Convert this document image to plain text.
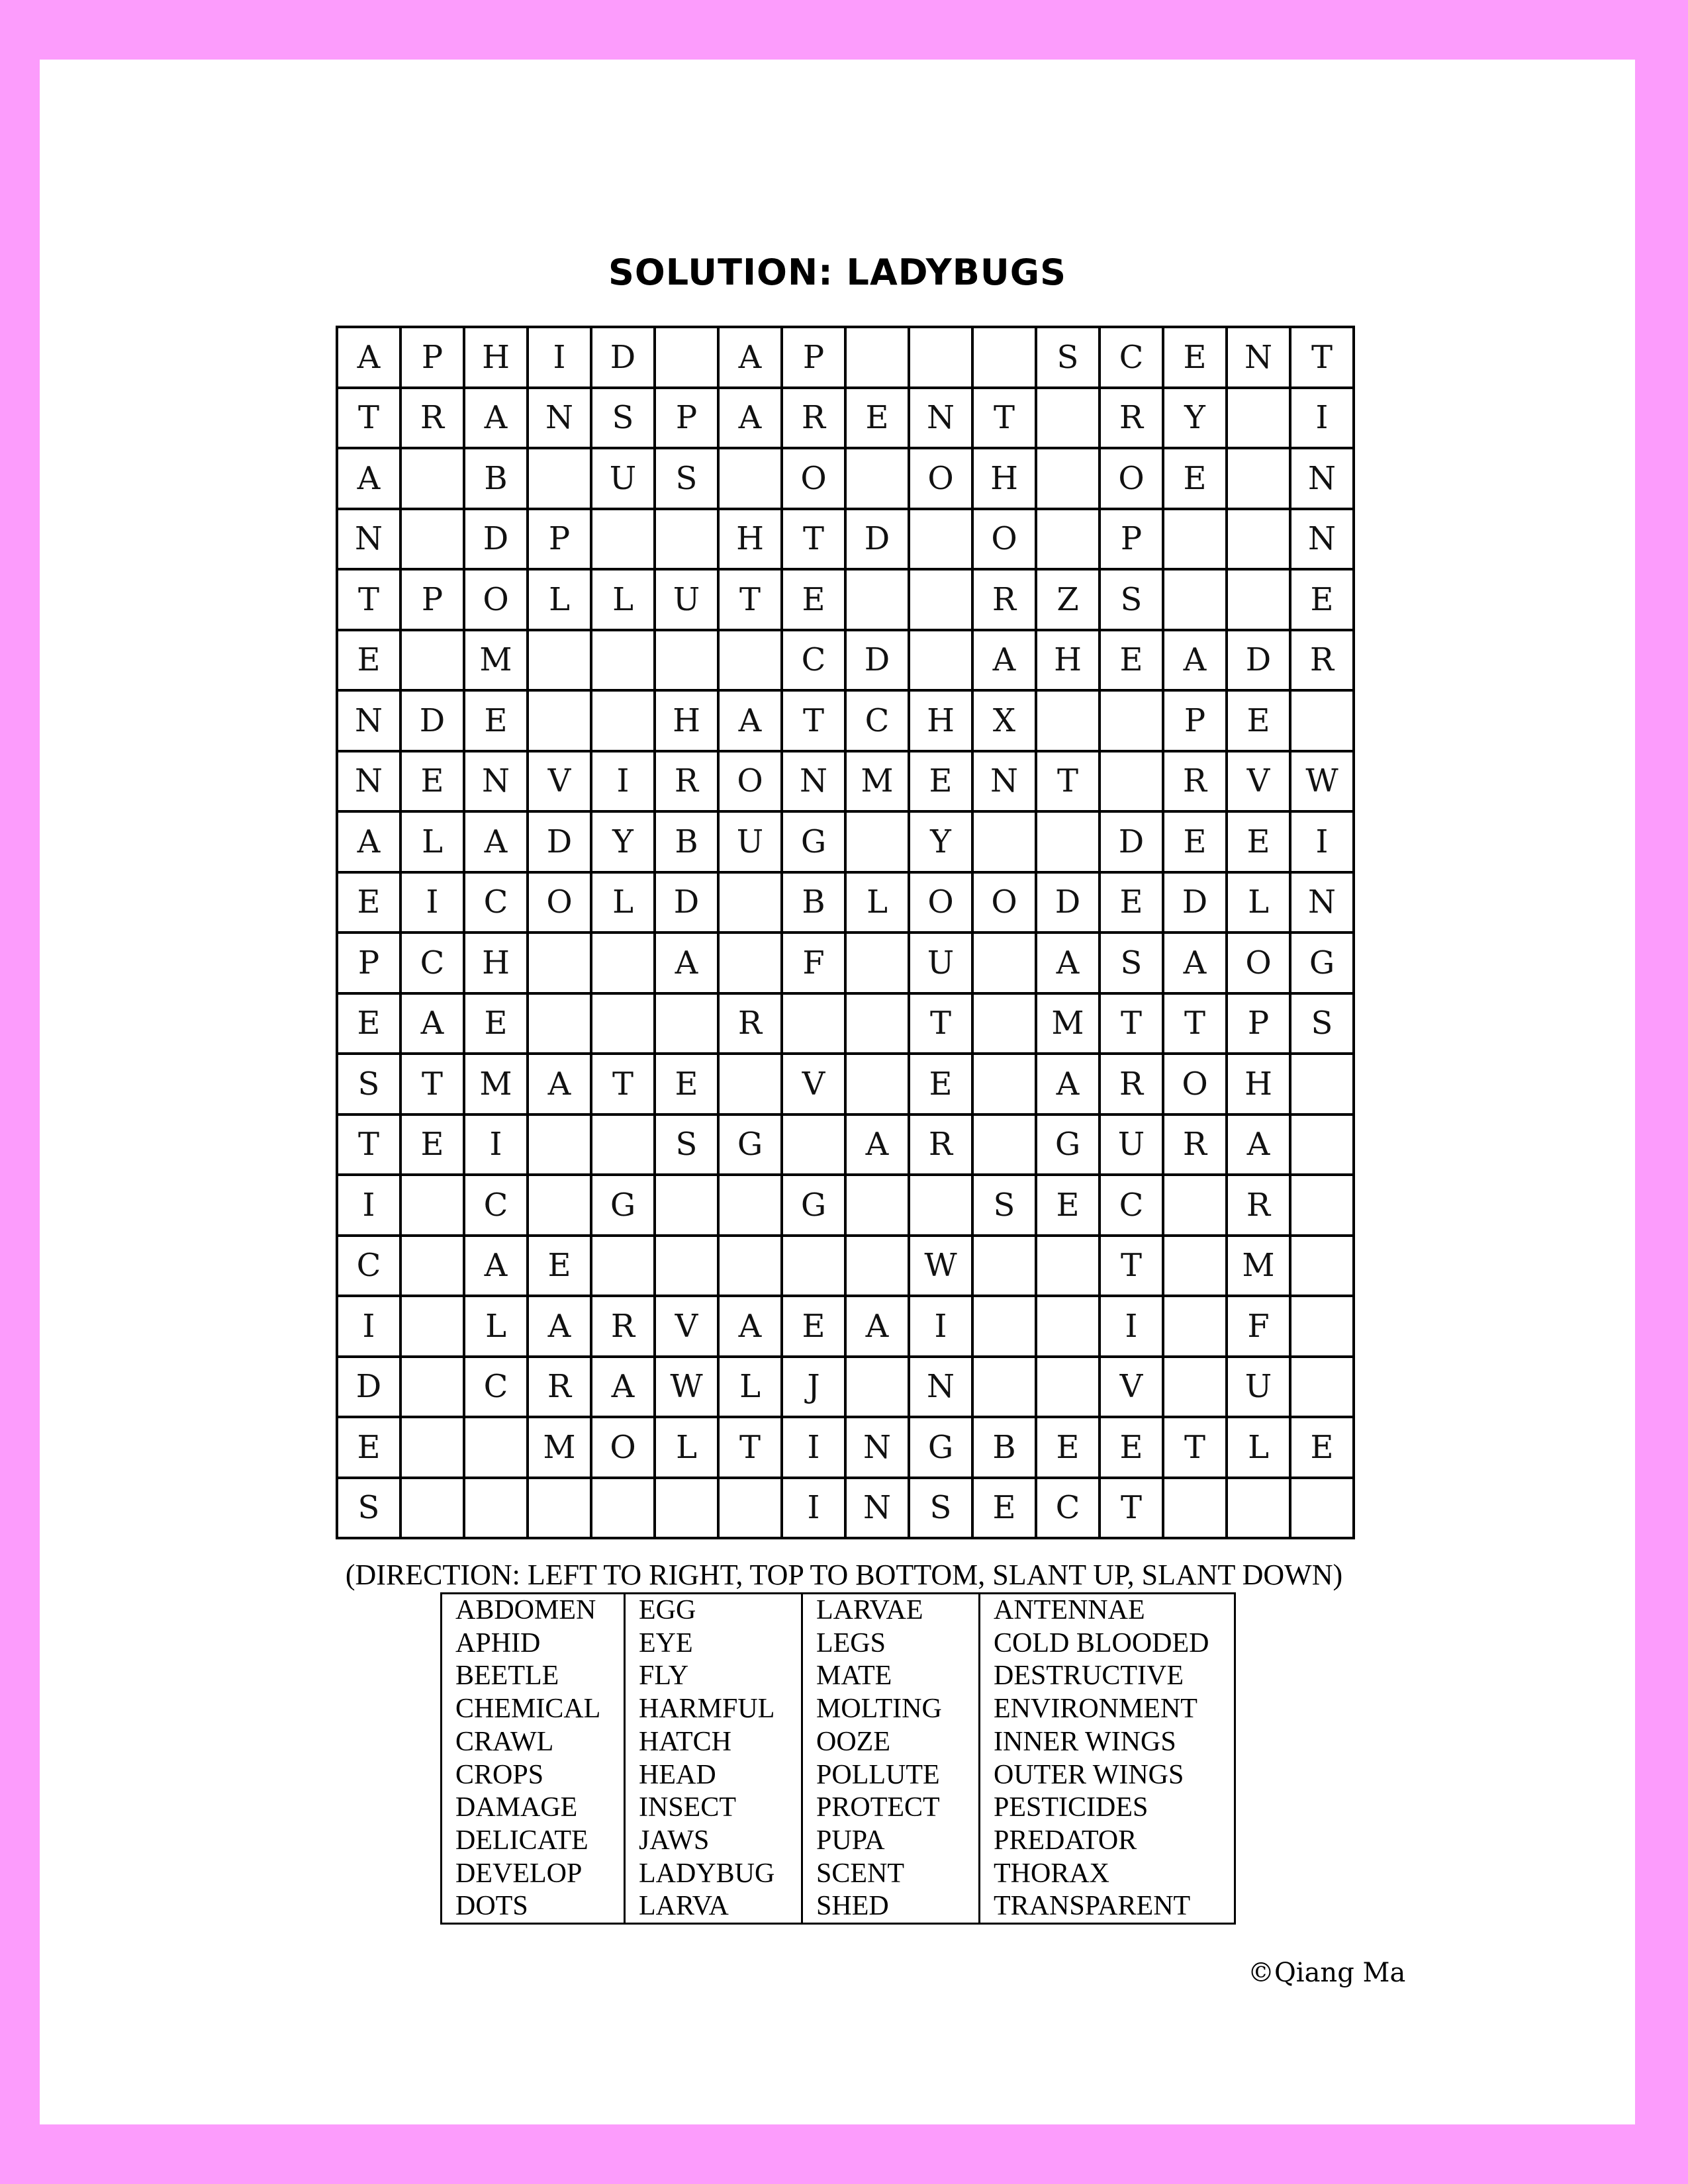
SOLUTION: LADYBUGS
A	P	H	I	D		A	P				S	C	E	N	T
T	R	A	N	S	P	A	R	E	N	T		R	Y		I
A		B		U	S		O		O	H		O	E		N
N		D	P			H	T	D		O		P			N
T	P	O	L	L	U	T	E			R	Z	S			E
E		M					C	D		A	H	E	A	D	R
N	D	E			H	A	T	C	H	X			P	E	
N	E	N	V	I	R	O	N	M	E	N	T		R	V	W
A	L	A	D	Y	B	U	G		Y			D	E	E	I
E	I	C	O	L	D		B	L	O	O	D	E	D	L	N
P	C	H			A		F		U		A	S	A	O	G
E	A	E				R			T		M	T	T	P	S
S	T	M	A	T	E		V		E		A	R	O	H	
T	E	I			S	G		A	R		G	U	R	A	
I		C		G			G			S	E	C		R	
C		A	E						W			T		M	
I		L	A	R	V	A	E	A	I			I		F	
D		C	R	A	W	L	J		N			V		U	
E			M	O	L	T	I	N	G	B	E	E	T	L	E
S							I	N	S	E	C	T			
(DIRECTION: LEFT TO RIGHT, TOP TO BOTTOM, SLANT UP, SLANT DOWN)
ABDOMEN
APHID
BEETLE
CHEMICAL
CRAWL
CROPS
DAMAGE
DELICATE
DEVELOP
DOTS
EGG
EYE
FLY
HARMFUL
HATCH
HEAD
INSECT
JAWS
LADYBUG
LARVA
LARVAE
LEGS
MATE
MOLTING
OOZE
POLLUTE
PROTECT
PUPA
SCENT
SHED
ANTENNAE
COLD BLOODED
DESTRUCTIVE
ENVIRONMENT
INNER WINGS
OUTER WINGS
PESTICIDES
PREDATOR
THORAX
TRANSPARENT
©Qiang Ma
